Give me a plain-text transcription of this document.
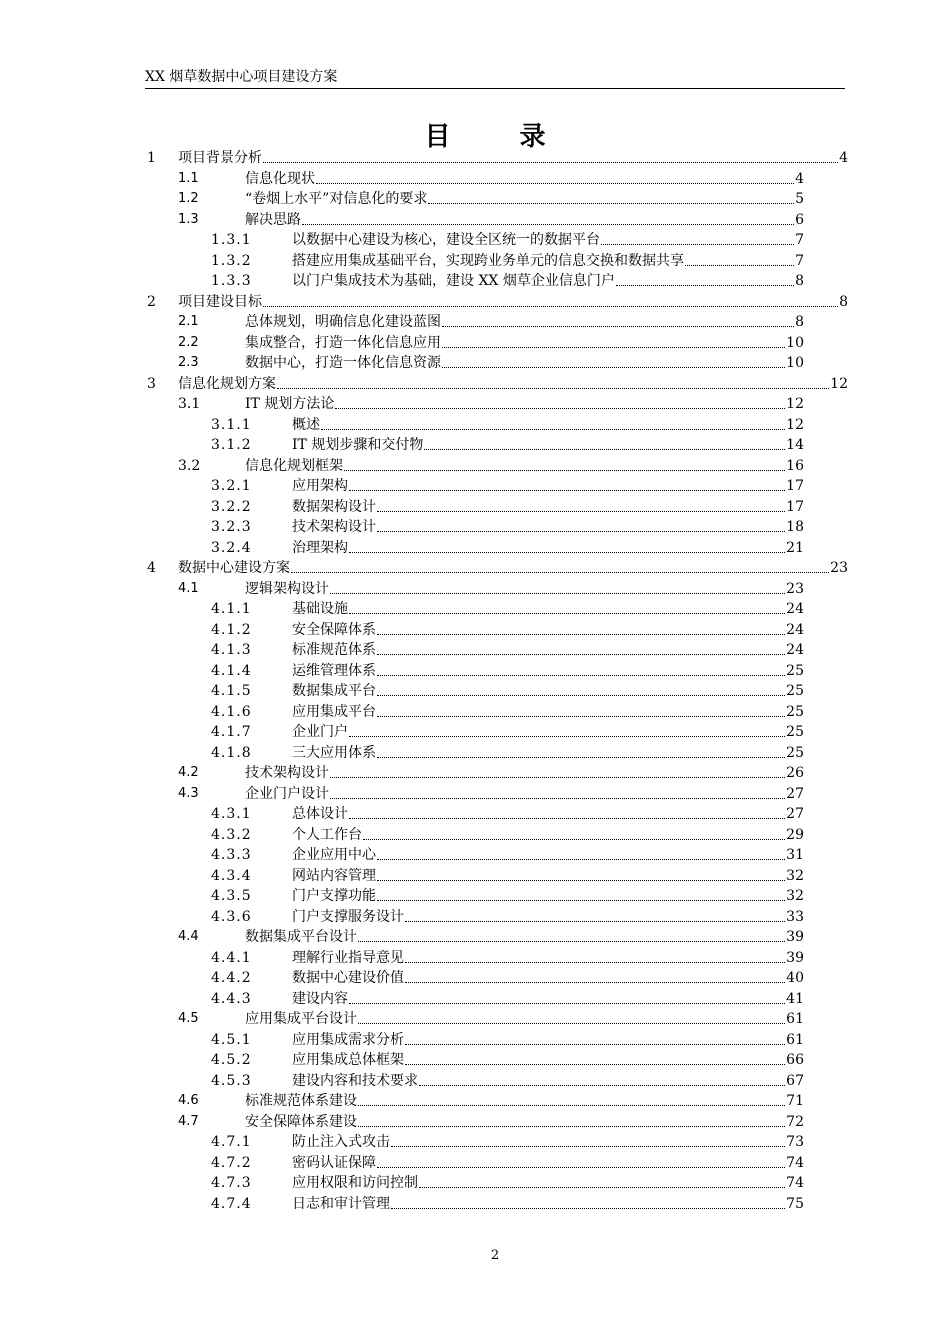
XX 烟草数据中心项目建设方案
目 录
1 项目背景分析	4
1.1	信息化现状	4
1.2	“卷烟上水平”对信息化的要求	5
1.3	解决思路	6
1.3.1	以数据中心建设为核心，建设全区统一的数据平台	7
1.3.2	搭建应用集成基础平台，实现跨业务单元的信息交换和数据共享	7
1.3.3	以门户集成技术为基础，建设 XX 烟草企业信息门户	8
2 项目建设目标	8
2.1	总体规划，明确信息化建设蓝图	8
2.2	集成整合，打造一体化信息应用	10
2.3	数据中心，打造一体化信息资源	10
3 信息化规划方案	12
3.1	IT 规划方法论	12
3.1.1	概述	12
3.1.2	IT 规划步骤和交付物	14
3.2	信息化规划框架	16
3.2.1	应用架构	17
3.2.2	数据架构设计	17
3.2.3	技术架构设计	18
3.2.4	治理架构	21
4 数据中心建设方案	23
4.1	逻辑架构设计	23
4.1.1	基础设施	24
4.1.2	安全保障体系	24
4.1.3	标准规范体系	24
4.1.4	运维管理体系	25
4.1.5	数据集成平台	25
4.1.6	应用集成平台	25
4.1.7	企业门户	25
4.1.8	三大应用体系	25
4.2	技术架构设计	26
4.3	企业门户设计	27
4.3.1	总体设计	27
4.3.2	个人工作台	29
4.3.3	企业应用中心	31
4.3.4	网站内容管理	32
4.3.5	门户支撑功能	32
4.3.6	门户支撑服务设计	33
4.4	数据集成平台设计	39
4.4.1	理解行业指导意见	39
4.4.2	数据中心建设价值	40
4.4.3	建设内容	41
4.5	应用集成平台设计	61
4.5.1	应用集成需求分析	61
4.5.2	应用集成总体框架	66
4.5.3	建设内容和技术要求	67
4.6	标准规范体系建设	71
4.7	安全保障体系建设	72
4.7.1	防止注入式攻击	73
4.7.2	密码认证保障	74
4.7.3	应用权限和访问控制	74
4.7.4	日志和审计管理	75
2
